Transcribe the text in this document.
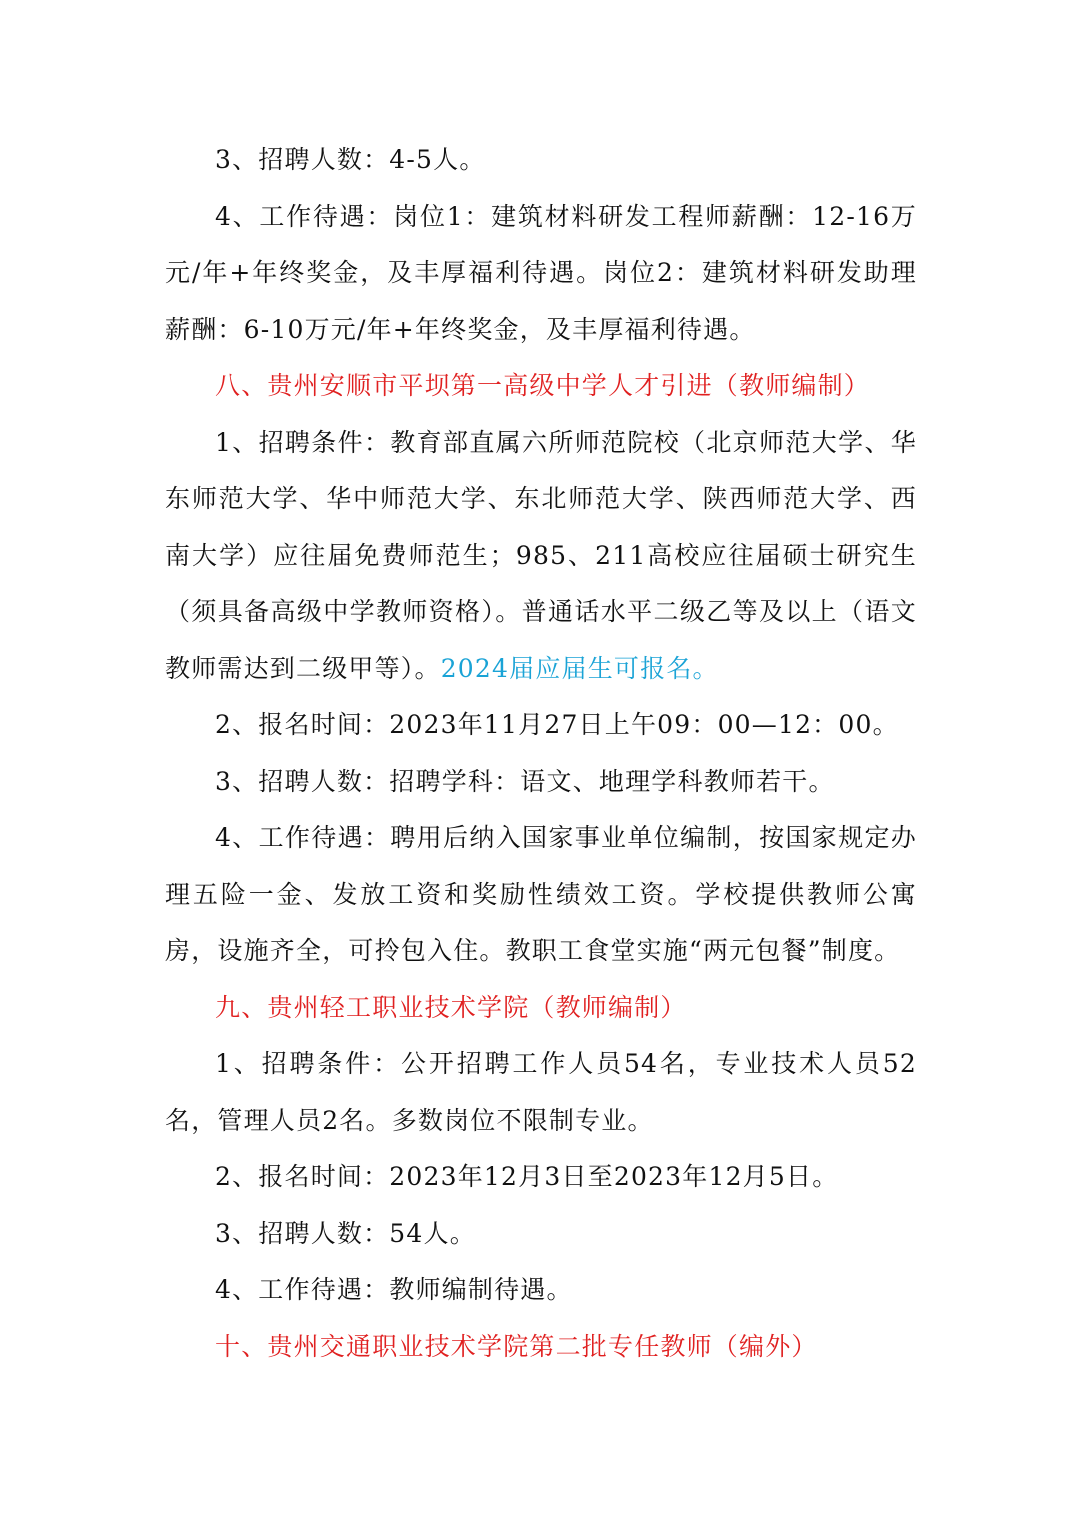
3、招聘人数：4-5人。

4、工作待遇：岗位1：建筑材料研发工程师薪酬：12-16万元/年+年终奖金，及丰厚福利待遇。岗位2：建筑材料研发助理薪酬：6-10万元/年+年终奖金，及丰厚福利待遇。

八、贵州安顺市平坝第一高级中学人才引进（教师编制）

1、招聘条件：教育部直属六所师范院校（北京师范大学、华东师范大学、华中师范大学、东北师范大学、陕西师范大学、西南大学）应往届免费师范生；985、211高校应往届硕士研究生（须具备高级中学教师资格）。普通话水平二级乙等及以上（语文教师需达到二级甲等）。2024届应届生可报名。

2、报名时间：2023年11月27日上午09：00—12：00。

3、招聘人数：招聘学科：语文、地理学科教师若干。

4、工作待遇：聘用后纳入国家事业单位编制，按国家规定办理五险一金、发放工资和奖励性绩效工资。学校提供教师公寓房，设施齐全，可拎包入住。教职工食堂实施“两元包餐”制度。

九、贵州轻工职业技术学院（教师编制）

1、招聘条件：公开招聘工作人员54名，专业技术人员52名，管理人员2名。多数岗位不限制专业。

2、报名时间：2023年12月3日至2023年12月5日。

3、招聘人数：54人。

4、工作待遇：教师编制待遇。

十、贵州交通职业技术学院第二批专任教师（编外）
